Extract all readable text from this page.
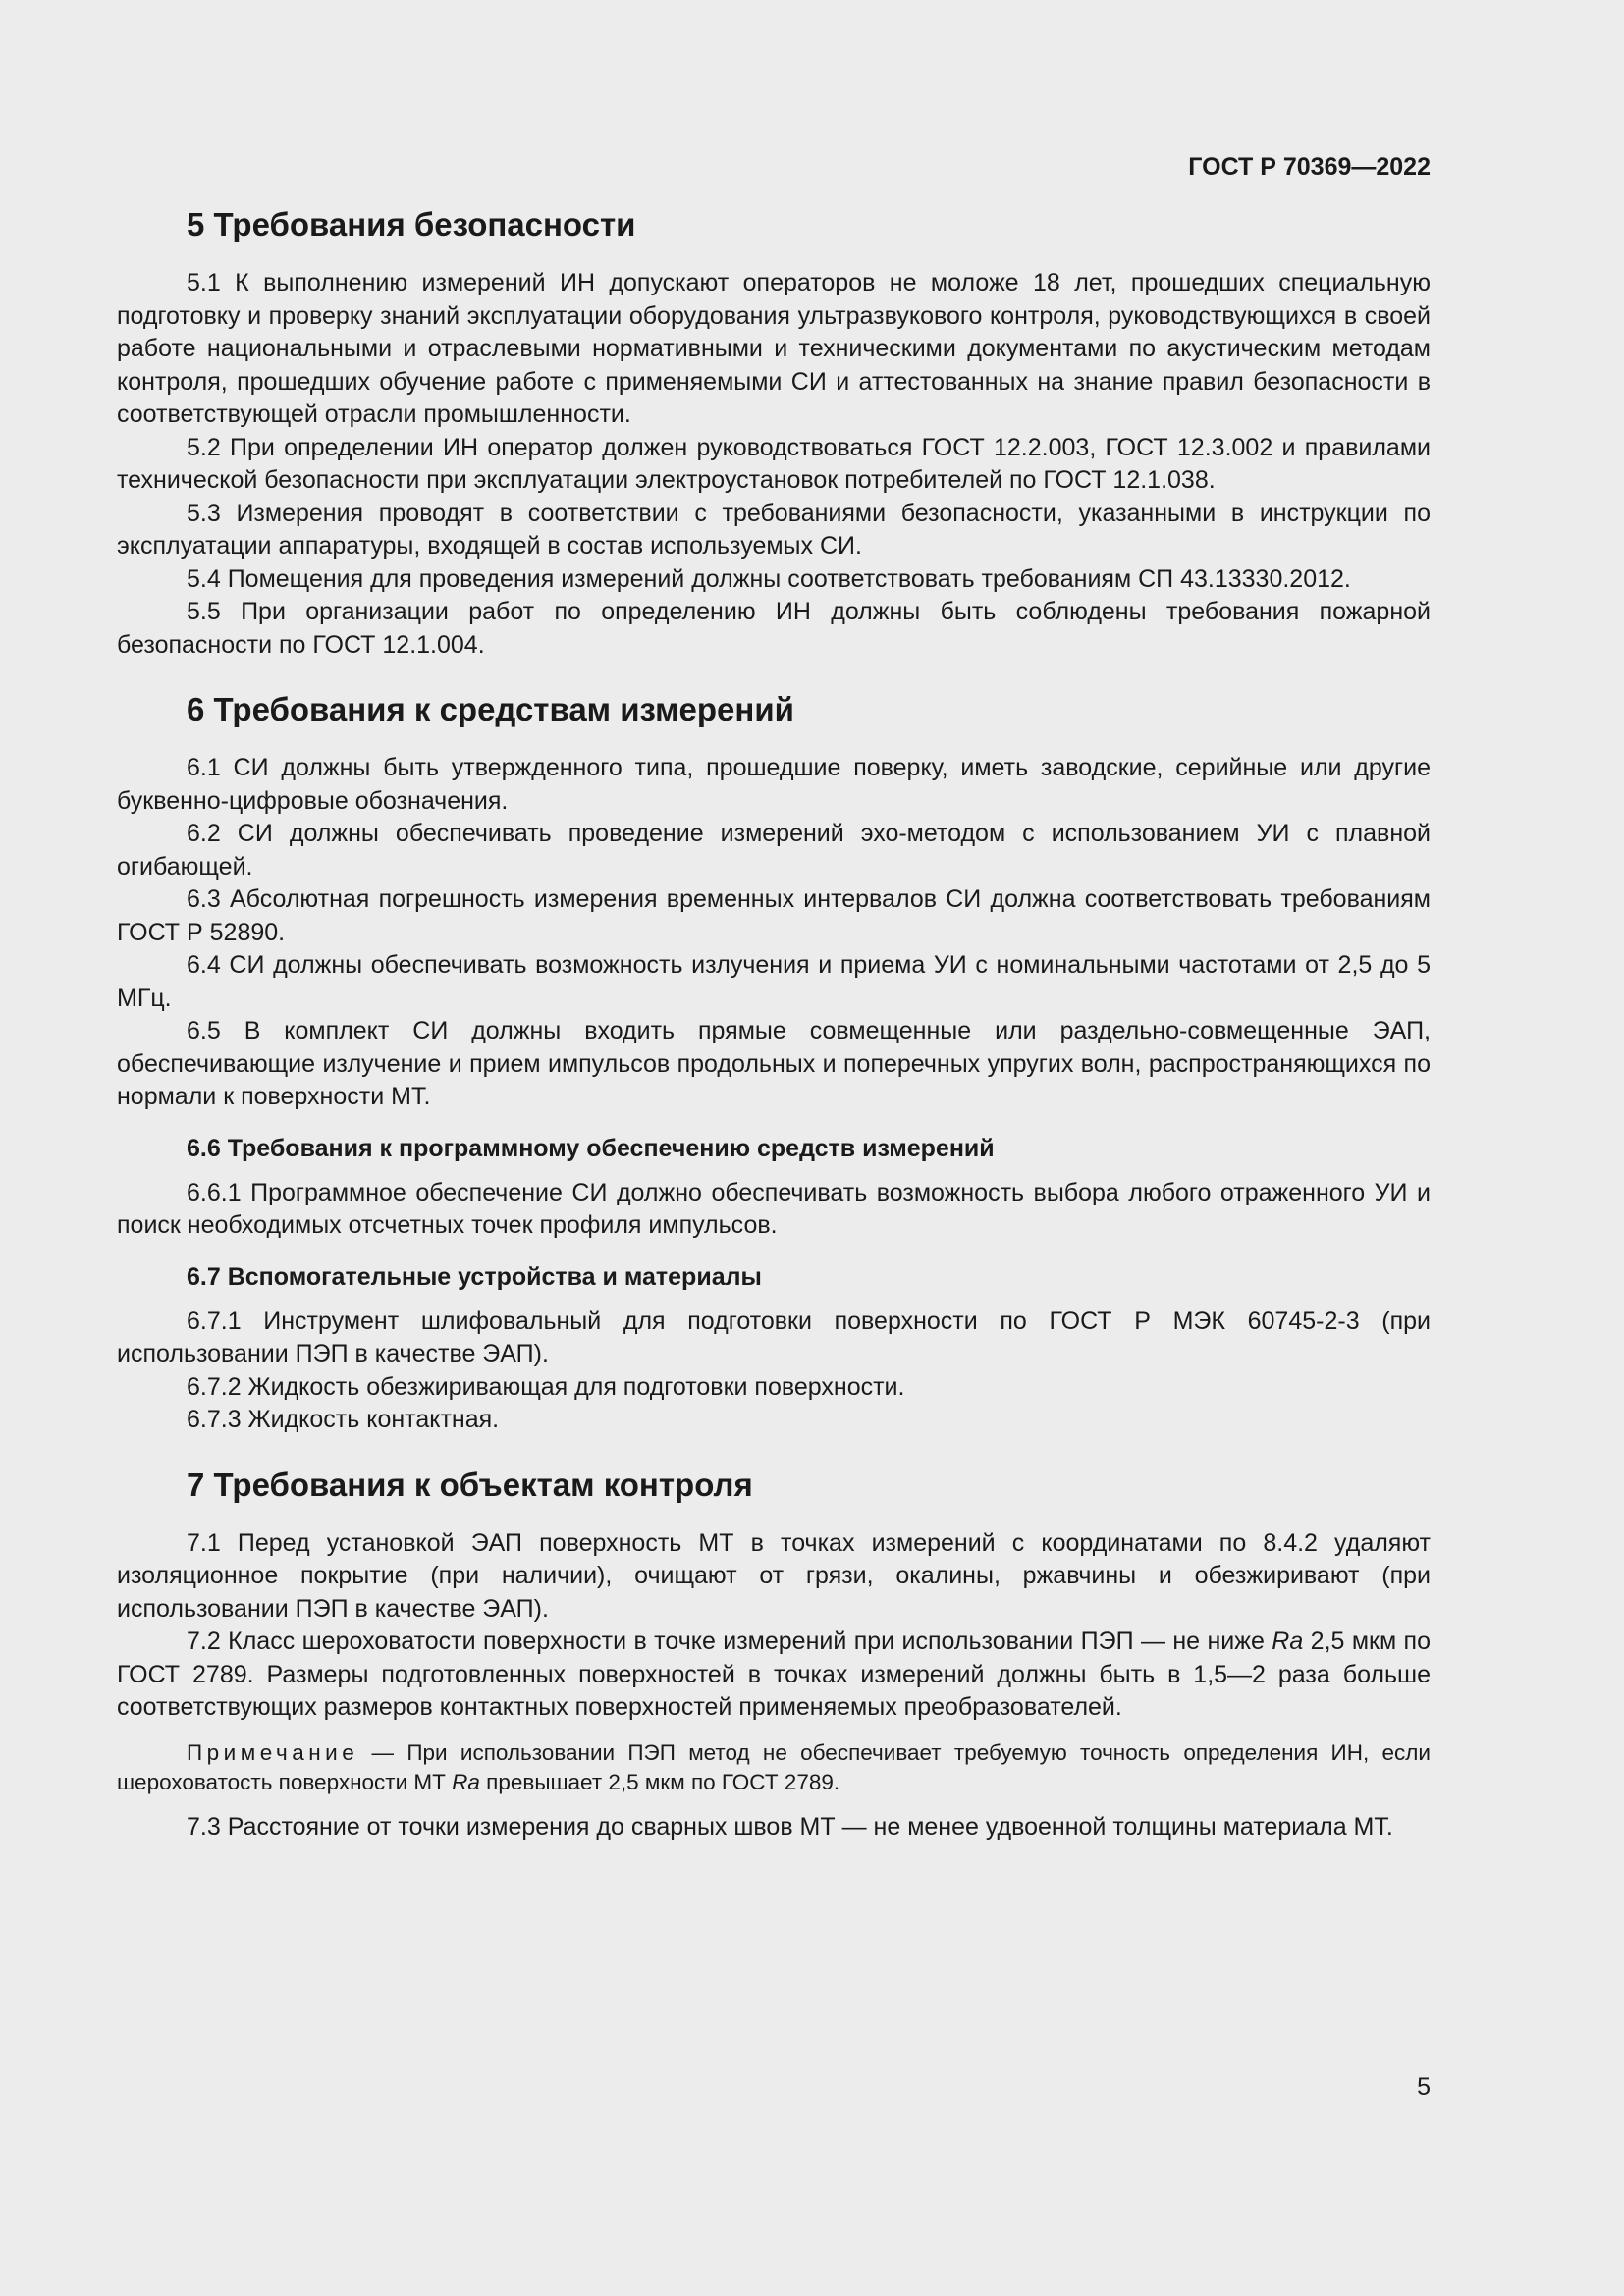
ГОСТ Р 70369—2022
5 Требования безопасности

5.1 К выполнению измерений ИН допускают операторов не моложе 18 лет, прошедших специальную подготовку и проверку знаний эксплуатации оборудования ультразвукового контроля, руководствующихся в своей работе национальными и отраслевыми нормативными и техническими документами по акустическим методам контроля, прошедших обучение работе с применяемыми СИ и аттестованных на знание правил безопасности в соответствующей отрасли промышленности.

5.2 При определении ИН оператор должен руководствоваться ГОСТ 12.2.003, ГОСТ 12.3.002 и правилами технической безопасности при эксплуатации электроустановок потребителей по ГОСТ 12.1.038.

5.3 Измерения проводят в соответствии с требованиями безопасности, указанными в инструкции по эксплуатации аппаратуры, входящей в состав используемых СИ.

5.4 Помещения для проведения измерений должны соответствовать требованиям СП 43.13330.2012.

5.5 При организации работ по определению ИН должны быть соблюдены требования пожарной безопасности по ГОСТ 12.1.004.

6 Требования к средствам измерений

6.1 СИ должны быть утвержденного типа, прошедшие поверку, иметь заводские, серийные или другие буквенно-цифровые обозначения.

6.2 СИ должны обеспечивать проведение измерений эхо-методом с использованием УИ с плавной огибающей.

6.3 Абсолютная погрешность измерения временных интервалов СИ должна соответствовать требованиям ГОСТ Р 52890.

6.4 СИ должны обеспечивать возможность излучения и приема УИ с номинальными частотами от 2,5 до 5 МГц.

6.5 В комплект СИ должны входить прямые совмещенные или раздельно-совмещенные ЭАП, обеспечивающие излучение и прием импульсов продольных и поперечных упругих волн, распространяющихся по нормали к поверхности МТ.

6.6 Требования к программному обеспечению средств измерений

6.6.1 Программное обеспечение СИ должно обеспечивать возможность выбора любого отраженного УИ и поиск необходимых отсчетных точек профиля импульсов.

6.7 Вспомогательные устройства и материалы

6.7.1 Инструмент шлифовальный для подготовки поверхности по ГОСТ Р МЭК 60745-2-3 (при использовании ПЭП в качестве ЭАП).

6.7.2 Жидкость обезжиривающая для подготовки поверхности.

6.7.3 Жидкость контактная.

7 Требования к объектам контроля

7.1 Перед установкой ЭАП поверхность МТ в точках измерений с координатами по 8.4.2 удаляют изоляционное покрытие (при наличии), очищают от грязи, окалины, ржавчины и обезжиривают (при использовании ПЭП в качестве ЭАП).

7.2 Класс шероховатости поверхности в точке измерений при использовании ПЭП — не ниже Ra 2,5 мкм по ГОСТ 2789. Размеры подготовленных поверхностей в точках измерений должны быть в 1,5—2 раза больше соответствующих размеров контактных поверхностей применяемых преобразователей.

Примечание — При использовании ПЭП метод не обеспечивает требуемую точность определения ИН, если шероховатость поверхности МТ Ra превышает 2,5 мкм по ГОСТ 2789.

7.3 Расстояние от точки измерения до сварных швов МТ — не менее удвоенной толщины материала МТ.

5
